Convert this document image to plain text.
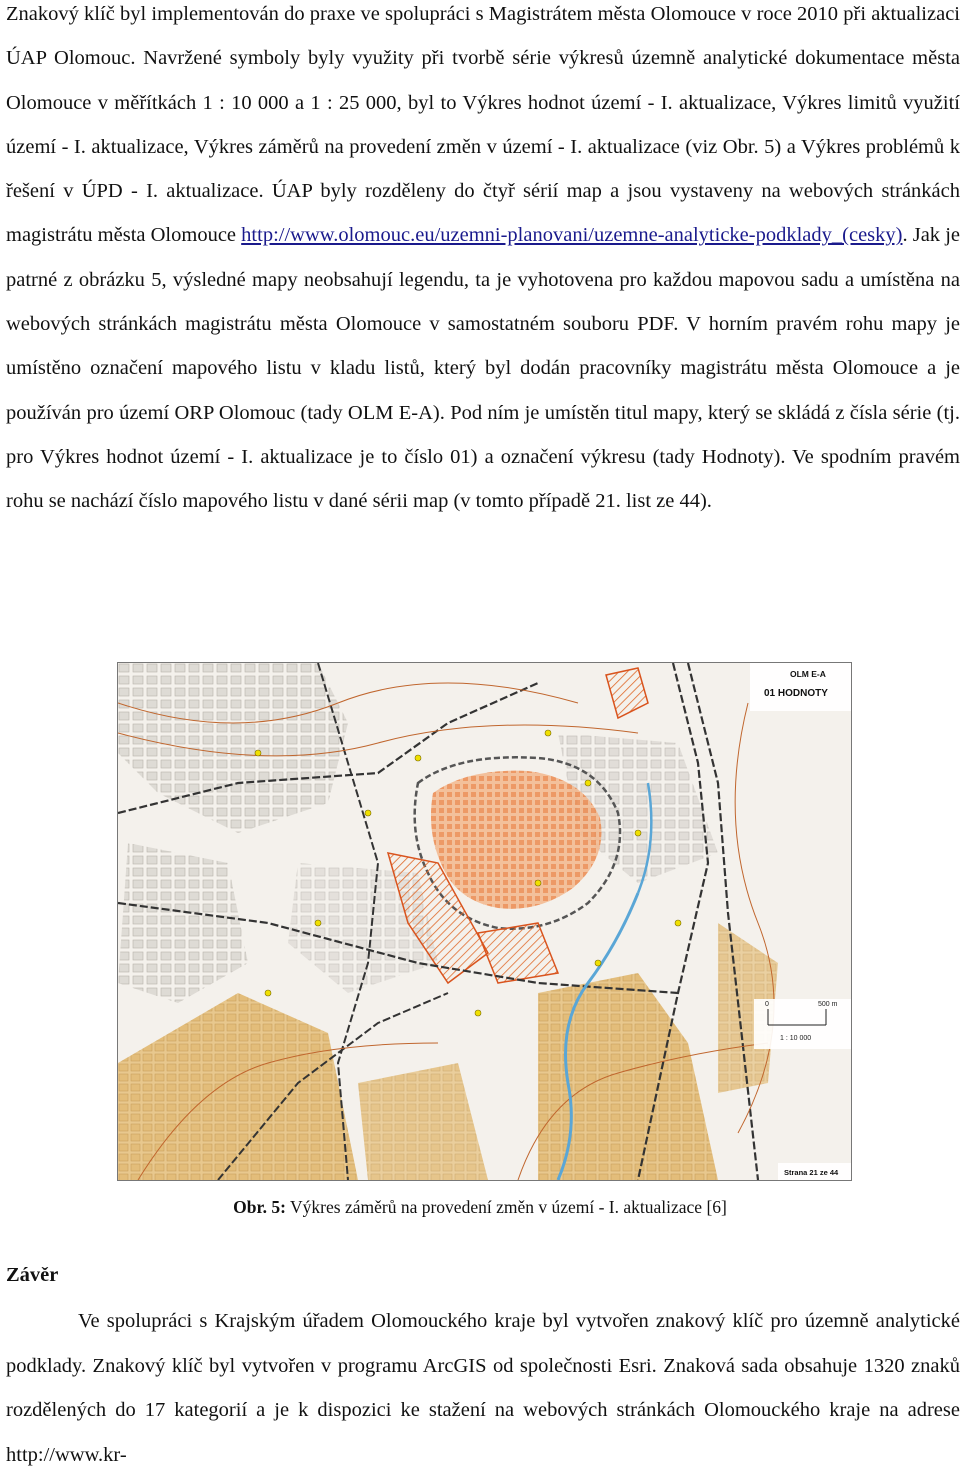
Znakový klíč byl implementován do praxe ve spolupráci s Magistrátem města Olomouce v roce 2010 při aktualizaci ÚAP Olomouc. Navržené symboly byly využity při tvorbě série výkresů územně analytické dokumentace města Olomouce v měřítkách 1 : 10 000 a 1 : 25 000, byl to Výkres hodnot území - I. aktualizace, Výkres limitů využití území - I. aktualizace, Výkres záměrů na provedení změn v území - I. aktualizace (viz Obr. 5) a Výkres problémů k řešení v ÚPD - I. aktualizace. ÚAP byly rozděleny do čtyř sérií map a jsou vystaveny na webových stránkách magistrátu města Olomouce http://www.olomouc.eu/uzemni-planovani/uzemne-analyticke-podklady_(cesky). Jak je patrné z obrázku 5, výsledné mapy neobsahují legendu, ta je vyhotovena pro každou mapovou sadu a umístěna na webových stránkách magistrátu města Olomouce v samostatném souboru PDF. V horním pravém rohu mapy je umístěno označení mapového listu v kladu listů, který byl dodán pracovníky magistrátu města Olomouce a je používán pro území ORP Olomouc (tady OLM E-A). Pod ním je umístěn titul mapy, který se skládá z čísla série (tj. pro Výkres hodnot území - I. aktualizace je to číslo 01) a označení výkresu (tady Hodnoty). Ve spodním pravém rohu se nachází číslo mapového listu v dané sérii map (v tomto případě 21. list ze 44).
OLM E-A
01 HODNOTY
0	500 m
1 : 10 000
Strana 21 ze 44
Obr. 5: Výkres záměrů na provedení změn v území - I. aktualizace [6]
Závěr
Ve spolupráci s Krajským úřadem Olomouckého kraje byl vytvořen znakový klíč pro územně analytické podklady. Znakový klíč byl vytvořen v programu ArcGIS od společnosti Esri. Znaková sada obsahuje 1320 znaků rozdělených do 17 kategorií a je k dispozici ke stažení na webových stránkách Olomouckého kraje na adrese http://www.kr-
